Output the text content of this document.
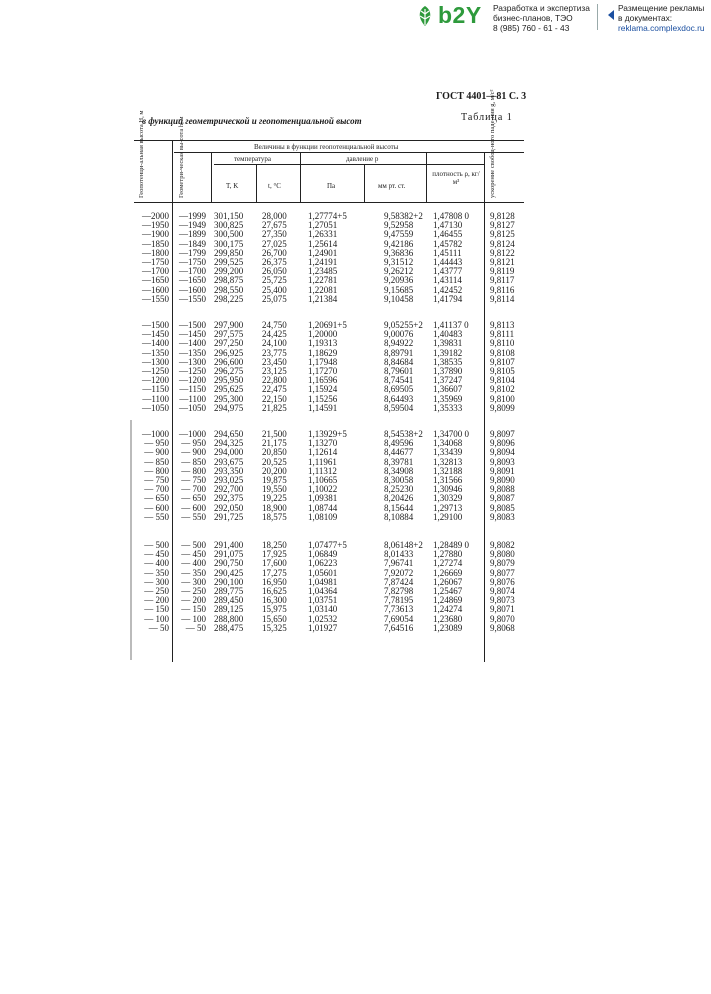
b2Y Разработка и экспертиза
бизнес-планов, ТЭО
8 (985) 760 - 61 - 43
Размещение рекламы
в документах:
reklama.complexdoc.ru
ГОСТ 4401—81 С. 3
в функции геометрической и геопотенциальной высот	Таблица 1
Геопотенци-альная высота H, м	Геометри-ческая вы-сота h, м	Величины в функции геопотенциальной высоты
температура	давление p
плотность ρ, кг/м³	ускорение свобод-ного паде-ния g, м/с²
T, K	t, °C	Па	мм рт. ст.
—2000	—1999 301,150	28,000	1,27774+5	9,58382+2	1,47808 0	9,8128
—1950	—1949 300,825	27,675	1,27051	9,52958	1,47130	9,8127
—1900	—1899 300,500	27,350	1,26331	9,47559	1,46455	9,8125
—1850	—1849 300,175	27,025	1,25614	9,42186	1,45782	9,8124
—1800	—1799 299,850	26,700	1,24901	9,36836	1,45111	9,8122
—1750	—1750 299,525	26,375	1,24191	9,31512	1,44443	9,8121
—1700	—1700 299,200	26,050	1,23485	9,26212	1,43777	9,8119
—1650	—1650 298,875	25,725	1,22781	9,20936	1,43114	9,8117
—1600	—1600 298,550	25,400	1,22081	9,15685	1,42452	9,8116
—1550	—1550 298,225	25,075	1,21384	9,10458	1,41794	9,8114
—1500	—1500 297,900	24,750	1,20691+5	9,05255+2	1,41137 0	9,8113
—1450	—1450 297,575	24,425	1,20000	9,00076	1,40483	9,8111
—1400	—1400 297,250	24,100	1,19313	8,94922	1,39831	9,8110
—1350	—1350 296,925	23,775	1,18629	8,89791	1,39182	9,8108
—1300	—1300 296,600	23,450	1,17948	8,84684	1,38535	9,8107
—1250	—1250 296,275	23,125	1,17270	8,79601	1,37890	9,8105
—1200	—1200 295,950	22,800	1,16596	8,74541	1,37247	9,8104
—1150	—1150 295,625	22,475	1,15924	8,69505	1,36607	9,8102
—1100	—1100 295,300	22,150	1,15256	8,64493	1,35969	9,8100
—1050	—1050 294,975	21,825	1,14591	8,59504	1,35333	9,8099
—1000	—1000 294,650	21,500	1,13929+5	8,54538+2	1,34700 0	9,8097
— 950	— 950 294,325	21,175	1,13270	8,49596	1,34068	9,8096
— 900	— 900 294,000	20,850	1,12614	8,44677	1,33439	9,8094
— 850	— 850 293,675	20,525	1,11961	8,39781	1,32813	9,8093
— 800	— 800 293,350	20,200	1,11312	8,34908	1,32188	9,8091
— 750	— 750 293,025	19,875	1,10665	8,30058	1,31566	9,8090
— 700	— 700 292,700	19,550	1,10022	8,25230	1,30946	9,8088
— 650	— 650 292,375	19,225	1,09381	8,20426	1,30329	9,8087
— 600	— 600 292,050	18,900	1,08744	8,15644	1,29713	9,8085
— 550	— 550 291,725	18,575	1,08109	8,10884	1,29100	9,8083
— 500	— 500 291,400	18,250	1,07477+5	8,06148+2	1,28489 0	9,8082
— 450	— 450 291,075	17,925	1,06849	8,01433	1,27880	9,8080
— 400	— 400 290,750	17,600	1,06223	7,96741	1,27274	9,8079
— 350	— 350 290,425	17,275	1,05601	7,92072	1,26669	9,8077
— 300	— 300 290,100	16,950	1,04981	7,87424	1,26067	9,8076
— 250	— 250 289,775	16,625	1,04364	7,82798	1,25467	9,8074
— 200	— 200 289,450	16,300	1,03751	7,78195	1,24869	9,8073
— 150	— 150 289,125	15,975	1,03140	7,73613	1,24274	9,8071
— 100	— 100 288,800	15,650	1,02532	7,69054	1,23680	9,8070
— 50	— 50 288,475	15,325	1,01927	7,64516	1,23089	9,8068
